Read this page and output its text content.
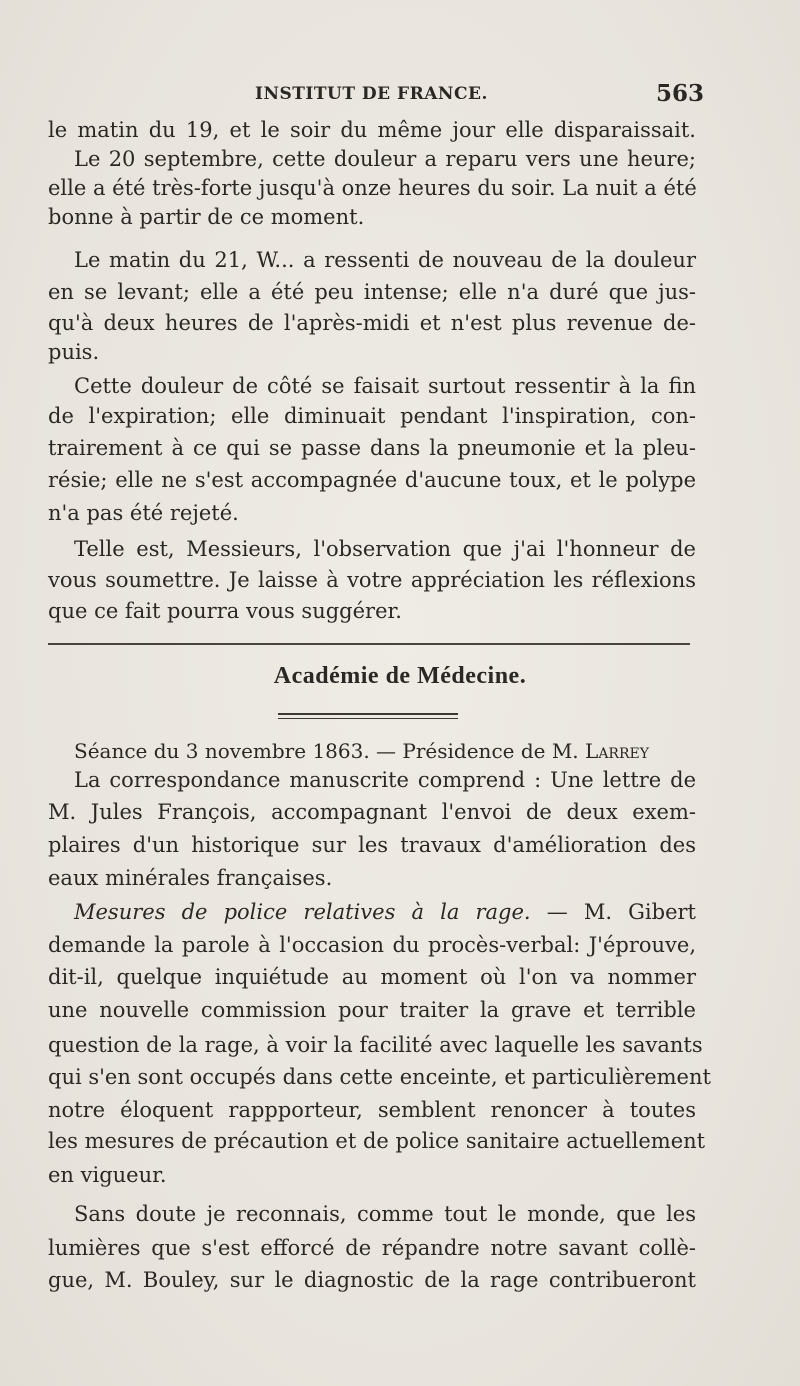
INSTITUT DE FRANCE.	563
le matin du 19, et le soir du même jour elle disparaissait.
Le 20 septembre, cette douleur a reparu vers une heure;
elle a été très-forte jusqu'à onze heures du soir. La nuit a été
bonne à partir de ce moment.
Le matin du 21, W... a ressenti de nouveau de la douleur
en se levant; elle a été peu intense; elle n'a duré que jus-
qu'à deux heures de l'après-midi et n'est plus revenue de-
puis.
Cette douleur de côté se faisait surtout ressentir à la fin
de l'expiration; elle diminuait pendant l'inspiration, con-
trairement à ce qui se passe dans la pneumonie et la pleu-
résie; elle ne s'est accompagnée d'aucune toux, et le polype
n'a pas été rejeté.
Telle est, Messieurs, l'observation que j'ai l'honneur de
vous soumettre. Je laisse à votre appréciation les réflexions
que ce fait pourra vous suggérer.
Académie de Médecine.
Séance du 3 novembre 1863. — Présidence de M. Larrey
La correspondance manuscrite comprend : Une lettre de
M. Jules François, accompagnant l'envoi de deux exem-
plaires d'un historique sur les travaux d'amélioration des
eaux minérales françaises.
Mesures de police relatives à la rage. — M. Gibert
demande la parole à l'occasion du procès-verbal: J'éprouve,
dit-il, quelque inquiétude au moment où l'on va nommer
une nouvelle commission pour traiter la grave et terrible
question de la rage, à voir la facilité avec laquelle les savants
qui s'en sont occupés dans cette enceinte, et particulièrement
notre éloquent rappporteur, semblent renoncer à toutes
les mesures de précaution et de police sanitaire actuellement
en vigueur.
Sans doute je reconnais, comme tout le monde, que les
lumières que s'est efforcé de répandre notre savant collè-
gue, M. Bouley, sur le diagnostic de la rage contribueront
